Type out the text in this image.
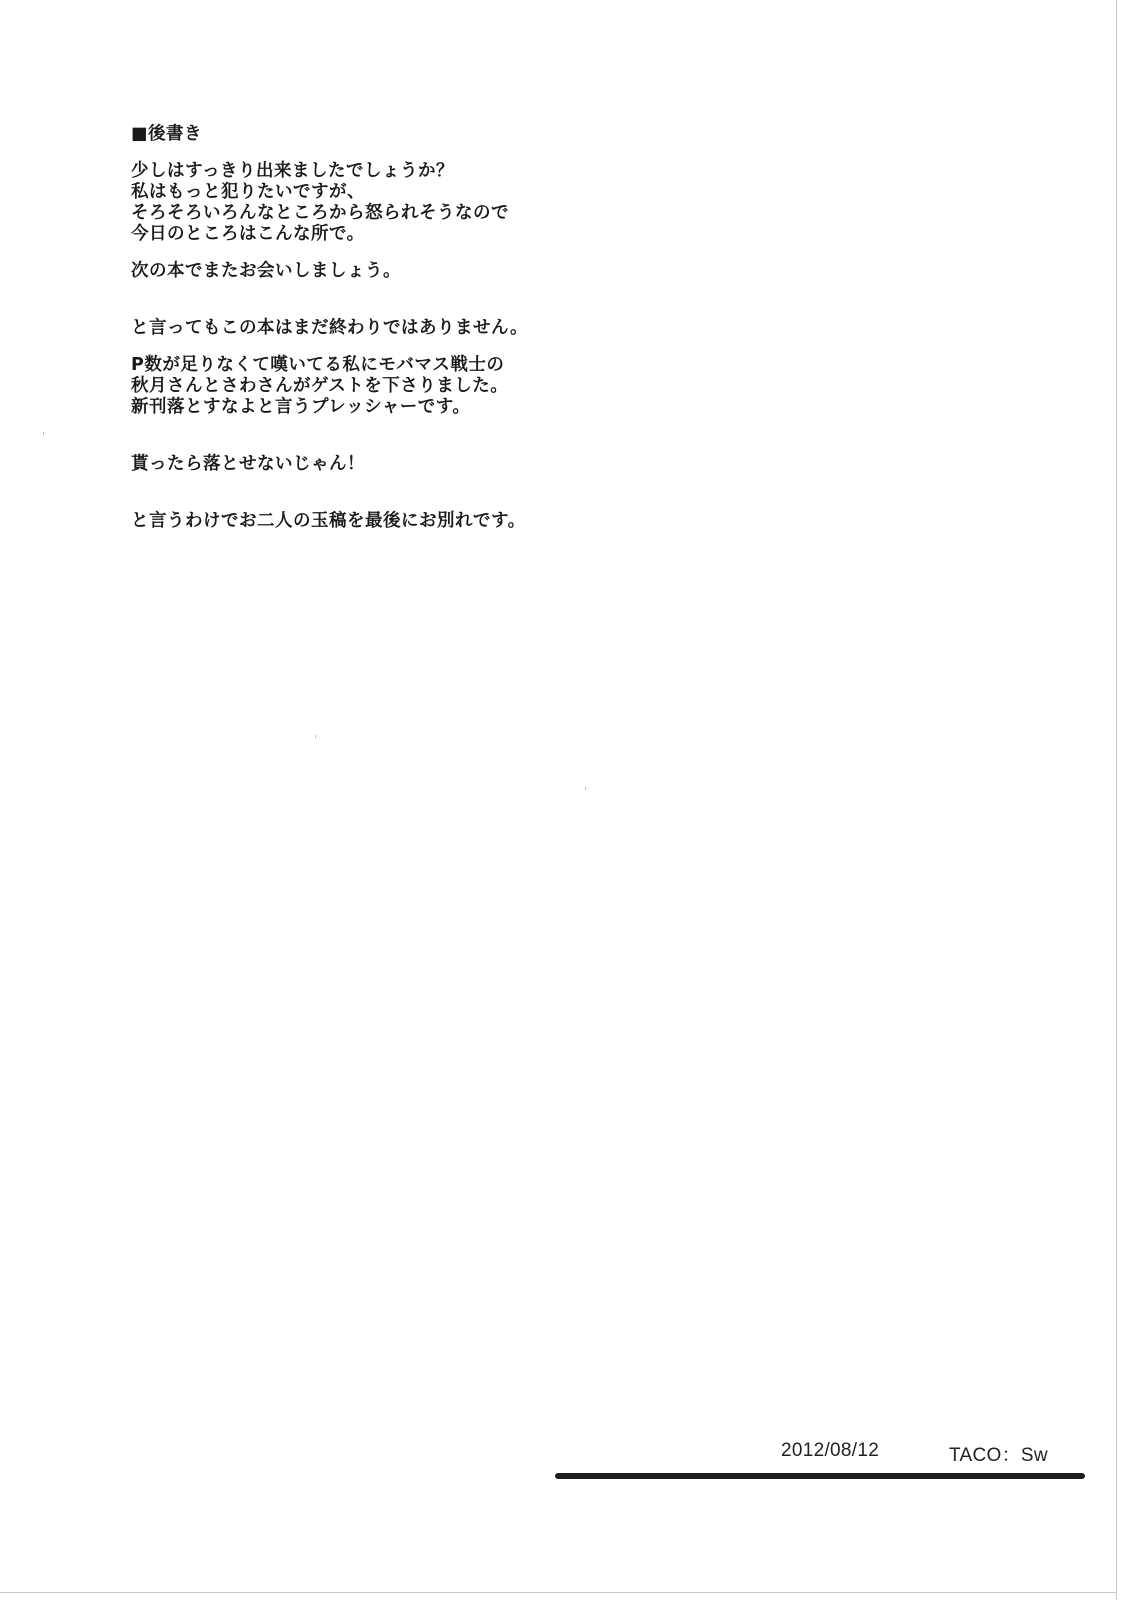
■後書き

少しはすっきり出来ましたでしょうか？
私はもっと犯りたいですが、
そろそろいろんなところから怒られそうなので
今日のところはこんな所で。

次の本でまたお会いしましょう。

と言ってもこの本はまだ終わりではありません。

P数が足りなくて嘆いてる私にモバマス戦士の
秋月さんとさわさんがゲストを下さりました。
新刊落とすなよと言うプレッシャーです。

貰ったら落とせないじゃん！

と言うわけでお二人の玉稿を最後にお別れです。

2012/08/12	TACO：Sw
